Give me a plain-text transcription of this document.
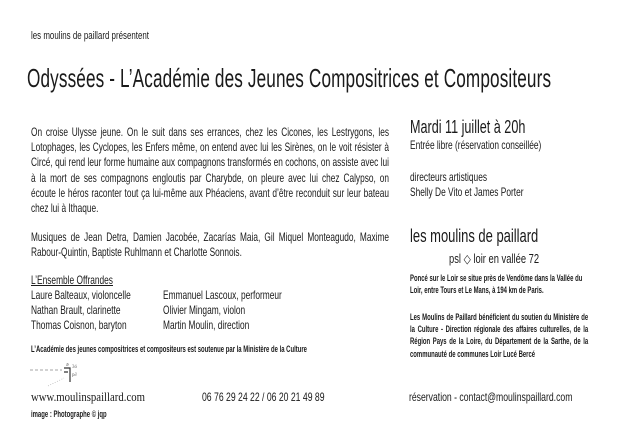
les moulins de paillard présentent
Odyssées - L’Académie des Jeunes Compositrices et Compositeurs
On croise Ulysse jeune. On le suit dans ses errances, chez les Cicones, les Lestrygons, les Lotophages, les Cyclopes, les Enfers même, on entend avec lui les Sirènes, on le voit résister à Circé, qui rend leur forme humaine aux compagnons transformés en cochons, on assiste avec lui à la mort de ses compagnons engloutis par Charybde, on pleure avec lui chez Calypso, on écoute le héros raconter tout ça lui-même aux Phéaciens, avant d’être reconduit sur leur bateau chez lui à Ithaque.
Musiques de Jean Detra, Damien Jacobée, Zacarías Maia, Gil Miquel Monteagudo, Maxime Rabour-Quintin, Baptiste Ruhlmann et Charlotte Sonnois.
L’Ensemble Offrandes
Laure Balteaux, violoncelle
Nathan Brault, clarinette
Thomas Coisnon, baryton
Emmanuel Lascoux, performeur
Olivier Mingam, violon
Martin Moulin, direction
L’Académie des jeunes compositrices et compositeurs est soutenue par la Ministère de la Culture
ə 3ó
p∂
www.moulinspaillard.com	06 76 29 24 22 / 06 20 21 49 89
image : Photographe © jqp
Mardi 11 juillet à 20h
Entrée libre (réservation conseillée)
directeurs artistiques
Shelly De Vito et James Porter
les moulins de paillard
psl ◇ loir en vallée 72
Poncé sur le Loir se situe près de Vendôme dans la Vallée du Loir, entre Tours et Le Mans, à 194 km de Paris.
Les Moulins de Paillard bénéficient du soutien du Ministère de la Culture - Direction régionale des affaires culturelles, de la Région Pays de la Loire, du Département de la Sarthe, de la communauté de communes Loir Lucé Bercé
réservation - contact@moulinspaillard.com
